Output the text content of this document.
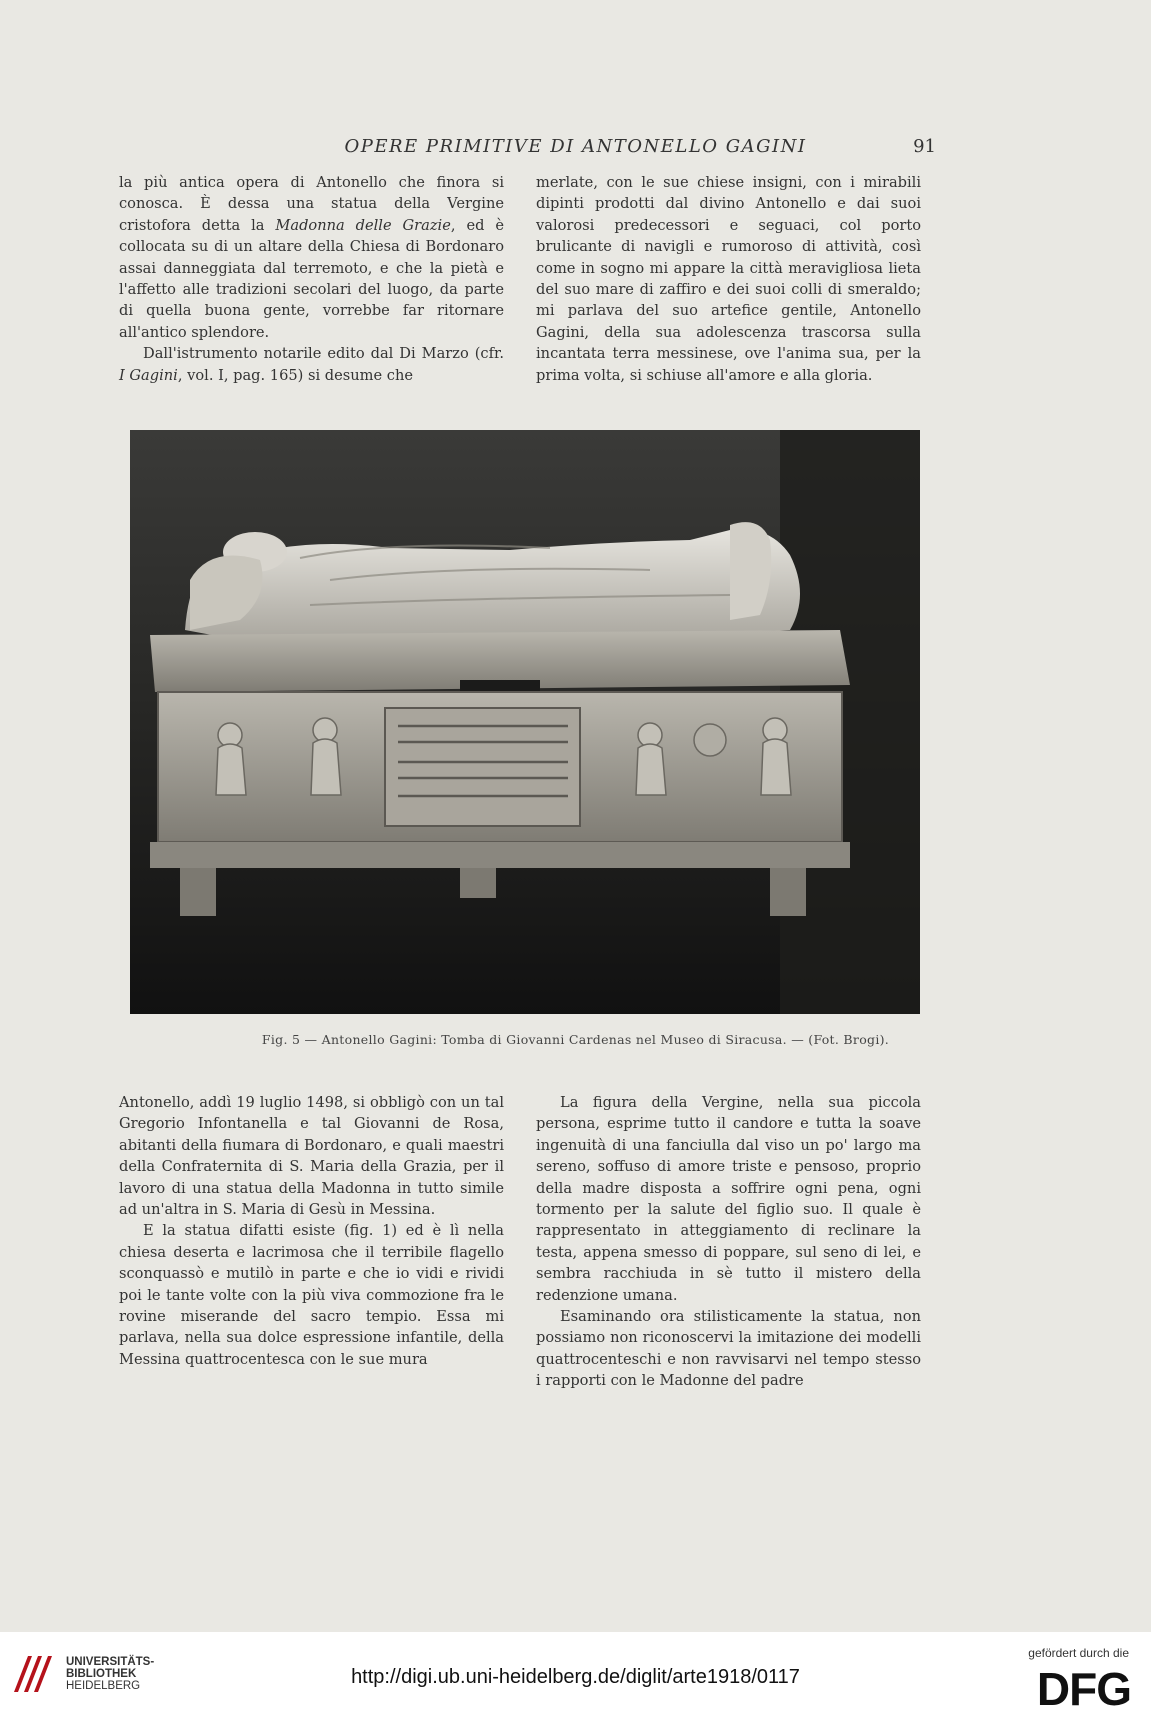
OPERE PRIMITIVE DI ANTONELLO GAGINI	91

la più antica opera di Antonello che finora si conosca. È dessa una statua della Vergine cristofora detta la Madonna delle Grazie, ed è collocata su di un altare della Chiesa di Bordonaro assai danneggiata dal terremoto, e che la pietà e l'affetto alle tradizioni secolari del luogo, da parte di quella buona gente, vorrebbe far ritornare all'antico splendore.

Dall'istrumento notarile edito dal Di Marzo (cfr. I Gagini, vol. I, pag. 165) si desume che

merlate, con le sue chiese insigni, con i mirabili dipinti prodotti dal divino Antonello e dai suoi valorosi predecessori e seguaci, col porto brulicante di navigli e rumoroso di attività, così come in sogno mi appare la città meravigliosa lieta del suo mare di zaffiro e dei suoi colli di smeraldo; mi parlava del suo artefice gentile, Antonello Gagini, della sua adolescenza trascorsa sulla incantata terra messinese, ove l'anima sua, per la prima volta, si schiuse all'amore e alla gloria.

Fig. 5 — Antonello Gagini: Tomba di Giovanni Cardenas nel Museo di Siracusa. — (Fot. Brogi).

Antonello, addì 19 luglio 1498, si obbligò con un tal Gregorio Infontanella e tal Giovanni de Rosa, abitanti della fiumara di Bordonaro, e quali maestri della Confraternita di S. Maria della Grazia, per il lavoro di una statua della Madonna in tutto simile ad un'altra in S. Maria di Gesù in Messina.

E la statua difatti esiste (fig. 1) ed è lì nella chiesa deserta e lacrimosa che il terribile flagello sconquassò e mutilò in parte e che io vidi e rividi poi le tante volte con la più viva commozione fra le rovine miserande del sacro tempio. Essa mi parlava, nella sua dolce espressione infantile, della Messina quattrocentesca con le sue mura

La figura della Vergine, nella sua piccola persona, esprime tutto il candore e tutta la soave ingenuità di una fanciulla dal viso un po' largo ma sereno, soffuso di amore triste e pensoso, proprio della madre disposta a soffrire ogni pena, ogni tormento per la salute del figlio suo. Il quale è rappresentato in atteggiamento di reclinare la testa, appena smesso di poppare, sul seno di lei, e sembra racchiuda in sè tutto il mistero della redenzione umana.

Esaminando ora stilisticamente la statua, non possiamo non riconoscervi la imitazione dei modelli quattrocenteschi e non ravvisarvi nel tempo stesso i rapporti con le Madonne del padre

UNIVERSITÄTS-
BIBLIOTHEK
HEIDELBERG	http://digi.ub.uni-heidelberg.de/diglit/arte1918/0117
gefördert durch die
DFG
